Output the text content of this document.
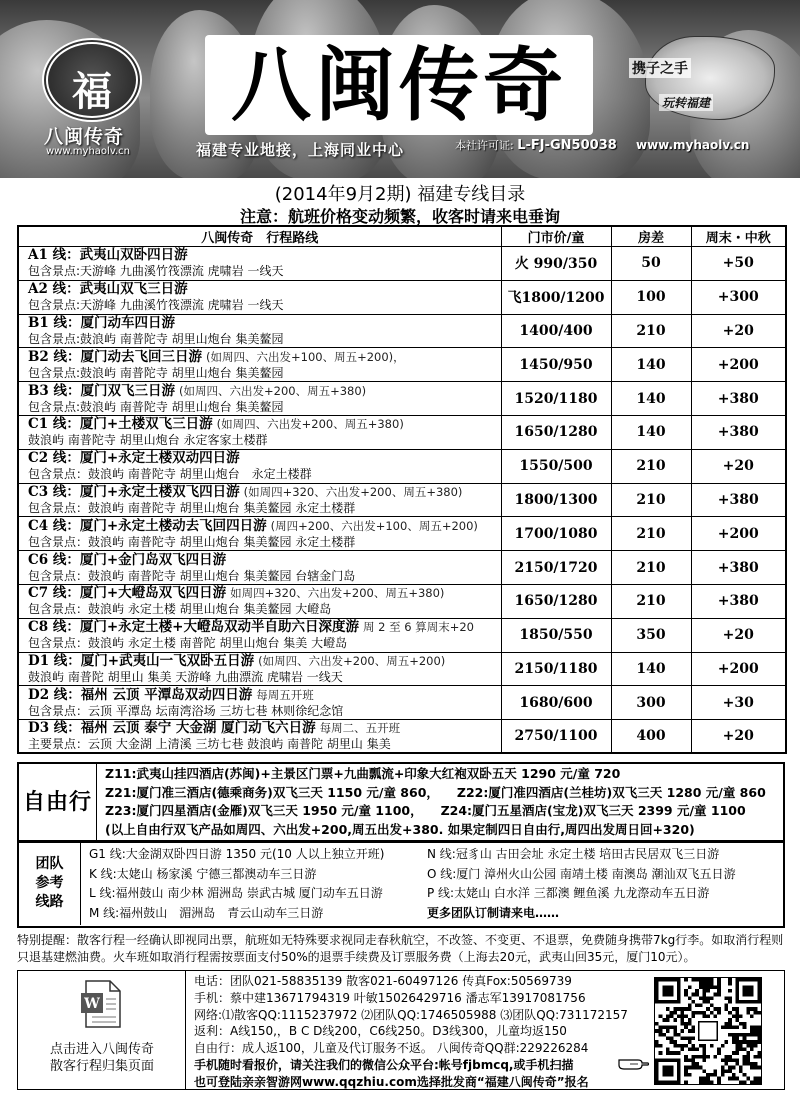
福
八闽传奇
www.myhaolv.cn
八闽传奇	携子之手
玩转福建
福建专业地接，上海同业中心	本社许可证: L-FJ-GN50038 www.myhaolv.cn
(2014年9月2期) 福建专线目录
注意：航班价格变动频繁，收客时请来电垂询
八闽传奇　行程路线	门市价/童	房差	周末・中秋

A1 线：武夷山双卧四日游
包含景点:天游峰 九曲溪竹筏漂流 虎啸岩 一线天	火 990/350	50	+50

A2 线：武夷山双飞三日游
包含景点:天游峰 九曲溪竹筏漂流 虎啸岩 一线天	飞1800/1200	100	+300

B1 线：厦门动车四日游
包含景点:鼓浪屿 南普陀寺 胡里山炮台 集美鳌园	1400/400	210	+20

B2 线：厦门动去飞回三日游 (如周四、六出发+100、周五+200)，
包含景点:鼓浪屿 南普陀寺 胡里山炮台 集美鳌园	1450/950	140	+200

B3 线：厦门双飞三日游 (如周四、六出发+200、周五+380)
包含景点:鼓浪屿 南普陀寺 胡里山炮台 集美鳌园	1520/1180	140	+380

C1 线：厦门+土楼双飞三日游 (如周四、六出发+200、周五+380)
鼓浪屿 南普陀寺 胡里山炮台 永定客家土楼群	1650/1280	140	+380

C2 线：厦门+永定土楼双动四日游
包含景点：鼓浪屿 南普陀寺 胡里山炮台　永定土楼群	1550/500	210	+20

C3 线：厦门+永定土楼双飞四日游 (如周四+320、六出发+200、周五+380)
包含景点：鼓浪屿 南普陀寺 胡里山炮台 集美鳌园 永定土楼群	1800/1300	210	+380

C4 线：厦门+永定土楼动去飞回四日游 (周四+200、六出发+100、周五+200)
包含景点：鼓浪屿 南普陀寺 胡里山炮台 集美鳌园 永定土楼群	1700/1080	210	+200

C6 线：厦门+金门岛双飞四日游
包含景点：鼓浪屿 南普陀寺 胡里山炮台 集美鳌园 台辖金门岛	2150/1720	210	+380

C7 线：厦门+大嶝岛双飞四日游 如周四+320、六出发+200、周五+380)
包含景点：鼓浪屿 永定土楼 胡里山炮台 集美鳌园 大嶝岛	1650/1280	210	+380

C8 线：厦门+永定土楼+大嶝岛双动半自助六日深度游 周 2 至 6 算周末+20
包含景点：鼓浪屿 永定土楼 南普陀 胡里山炮台 集美 大嶝岛	1850/550	350	+20

D1 线：厦门+武夷山一飞双卧五日游 (如周四、六出发+200、周五+200)
鼓浪屿 南普陀 胡里山 集美 天游峰 九曲漂流 虎啸岩 一线天	2150/1180	140	+200

D2 线：福州 云顶 平潭岛双动四日游 每周五开班
包含景点：云顶 平潭岛 坛南湾浴场 三坊七巷 林则徐纪念馆	1680/600	300	+30

D3 线：福州 云顶 泰宁 大金湖 厦门动飞六日游 每周二、五开班
主要景点：云顶 大金湖 上清溪 三坊七巷 鼓浪屿 南普陀 胡里山 集美	2750/1100	400	+20
自由行
Z11:武夷山挂四酒店(苏闽)+主景区门票+九曲瓢流+印象大红袍双卧五天 1290 元/童 720
Z21:厦门准三酒店(德乘商务)双飞三天 1150 元/童 860， Z22:厦门准四酒店(兰桂坊)双飞三天 1280 元/童 860
Z23:厦门四星酒店(金雁)双飞三天 1950 元/童 1100， Z24:厦门五星酒店(宝龙)双飞三天 2399 元/童 1100
(以上自由行双飞产品如周四、六出发+200,周五出发+380. 如果定制四日自由行,周四出发周日回+320)
团队
参考
线路
G1 线:大金湖双卧四日游 1350 元(10 人以上独立开班)
K 线:太姥山 杨家溪 宁德三都澳动车三日游
L 线:福州鼓山 南少林 湄洲岛 崇武古城 厦门动车五日游
M 线:福州鼓山　湄洲岛　青云山动车三日游
N 线:冠豸山 古田会址 永定土楼 培田古民居双飞三日游
O 线:厦门 漳州火山公园 南靖土楼 南澳岛 潮汕双飞五日游
P 线:太姥山 白水洋 三都澳 鲤鱼溪 九龙漈动车五日游
更多团队订制请来电……
特别提醒：散客行程一经确认即视同出票，航班如无特殊要求视同走春秋航空，不改签、不变更、不退票，免费随身携带7kg行李。如取消行程则只退基建燃油费。火车班如取消行程需按票面支付50%的退票手续费及订票服务费（上海去20元，武夷山回35元，厦门10元）。
W
点击进入八闽传奇
散客行程归集页面
电话：团队021-58835139 散客021-60497126 传真Fox:50569739
手机：蔡中建13671794319 叶敏15026429716 潘志军13917081756
网络:⑴散客QQ:1115237972 ⑵团队QQ:1746505988 ⑶团队QQ:731172157
返利：A线150,，B C D线200，C6线250。D3线300，儿童均返150
自由行：成人返100，儿童及代订服务不返。 八闽传奇QQ群:229226284
手机随时看报价，请关注我们的微信公众平台:帐号fjbmcq,或手机扫描
也可登陆亲亲智游网www.qqzhiu.com选择批发商“福建八闽传奇”报名
